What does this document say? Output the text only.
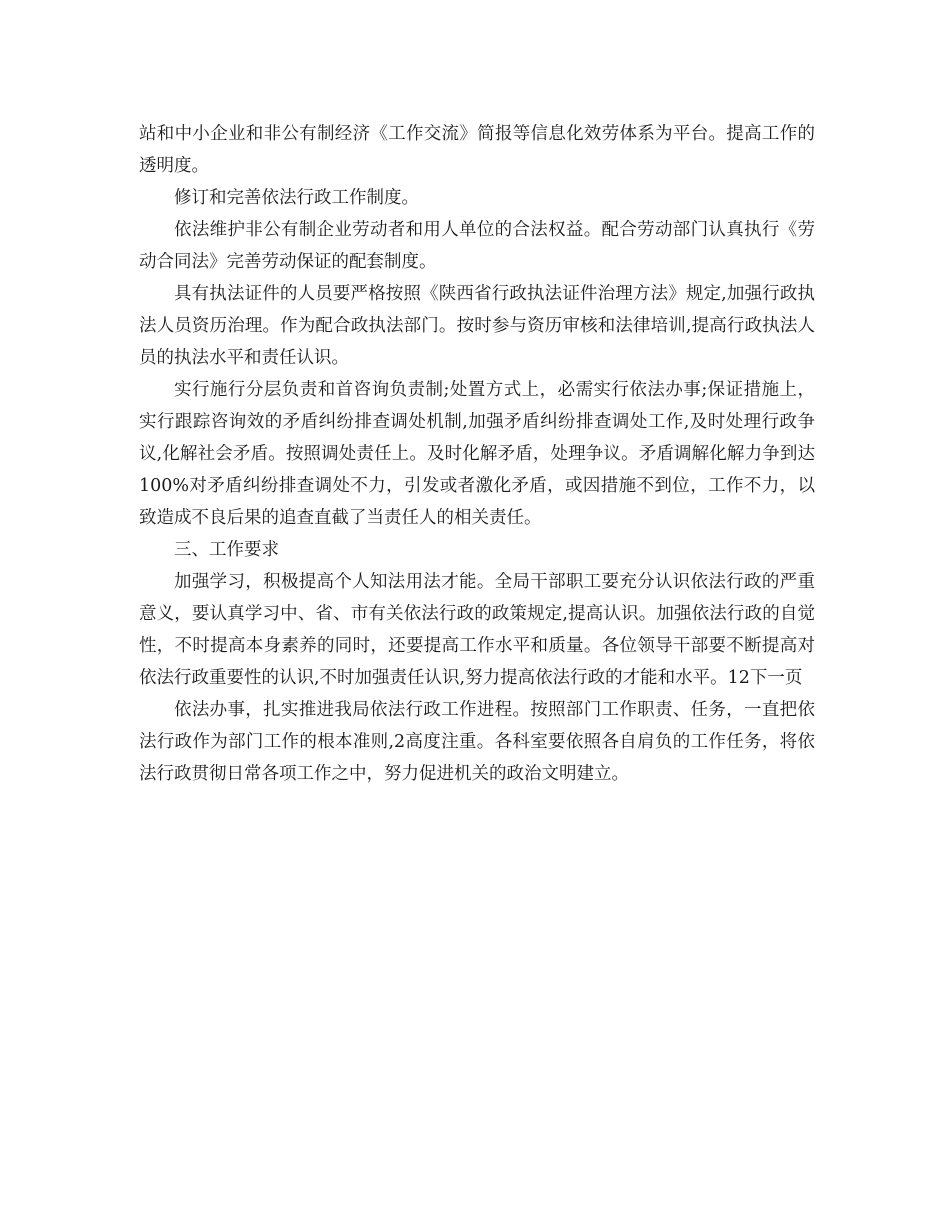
站和中小企业和非公有制经济《工作交流》简报等信息化效劳体系为平台。提高工作的透明度。

修订和完善依法行政工作制度。

依法维护非公有制企业劳动者和用人单位的合法权益。配合劳动部门认真执行《劳动合同法》完善劳动保证的配套制度。

具有执法证件的人员要严格按照《陕西省行政执法证件治理方法》规定,加强行政执法人员资历治理。作为配合政执法部门。按时参与资历审核和法律培训,提高行政执法人员的执法水平和责任认识。

实行施行分层负责和首咨询负责制;处置方式上，必需实行依法办事;保证措施上，实行跟踪咨询效的矛盾纠纷排查调处机制,加强矛盾纠纷排查调处工作,及时处理行政争议,化解社会矛盾。按照调处责任上。及时化解矛盾，处理争议。矛盾调解化解力争到达100%对矛盾纠纷排查调处不力，引发或者激化矛盾，或因措施不到位，工作不力，以致造成不良后果的追查直截了当责任人的相关责任。

三、工作要求

加强学习，积极提高个人知法用法才能。全局干部职工要充分认识依法行政的严重意义，要认真学习中、省、市有关依法行政的政策规定,提高认识。加强依法行政的自觉性，不时提高本身素养的同时，还要提高工作水平和质量。各位领导干部要不断提高对依法行政重要性的认识,不时加强责任认识,努力提高依法行政的才能和水平。12下一页

依法办事，扎实推进我局依法行政工作进程。按照部门工作职责、任务，一直把依法行政作为部门工作的根本准则,2高度注重。各科室要依照各自肩负的工作任务，将依法行政贯彻日常各项工作之中，努力促进机关的政治文明建立。
